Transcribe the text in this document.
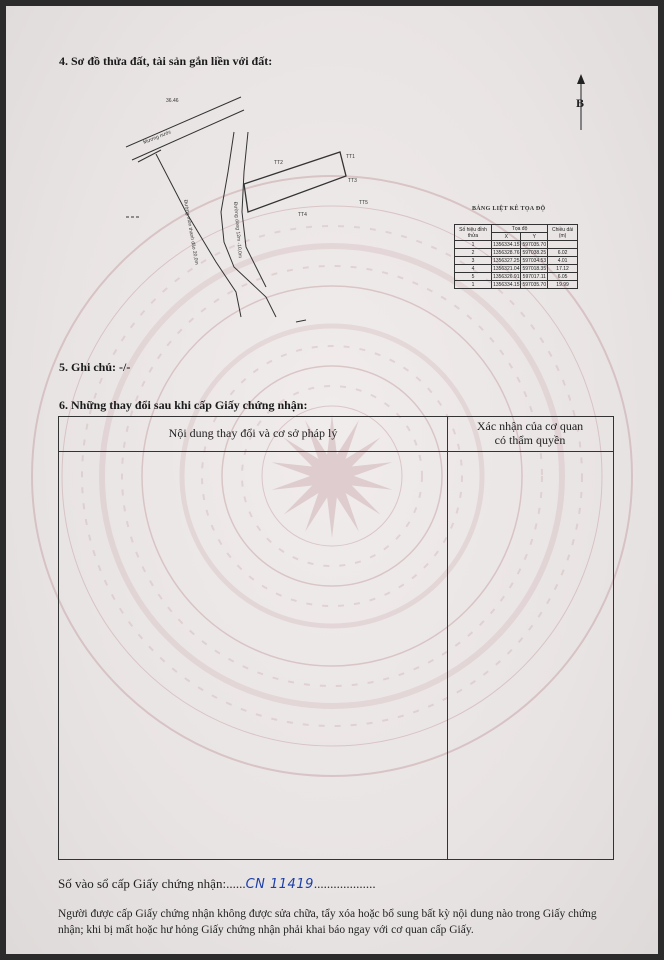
4. Sơ đồ thửa đất, tài sản gắn liền với đất:
B
36.46
Mương nước
Đường mòn thanh đảo 20,0m	Đường dong 12m -10,0m
TT2
TT1
TT3
TT4
TT5
BẢNG LIỆT KÊ TỌA ĐỘ
Số hiệu đỉnh thửa	Tọa độ		Chiều dài (m)
	X	Y	
1	1356334.15	597035.70	
2	1356328.76	597038.25	6.02
3	1356327.25	597034.53	4.01
4	1356321.04	597018.35	17.12
5	1356326.91	597017.11	6.05
1	1356334.15	597035.70	19.99
5. Ghi chú: -/-
6. Những thay đổi sau khi cấp Giấy chứng nhận:
Nội dung thay đổi và cơ sở pháp lý	Xác nhận của cơ quan
có thẩm quyền
Số vào sổ cấp Giấy chứng nhận:......CN 11419...................
Người được cấp Giấy chứng nhận không được sửa chữa, tẩy xóa hoặc bổ sung bất kỳ nội dung nào trong Giấy chứng nhận; khi bị mất hoặc hư hỏng Giấy chứng nhận phải khai báo ngay với cơ quan cấp Giấy.
